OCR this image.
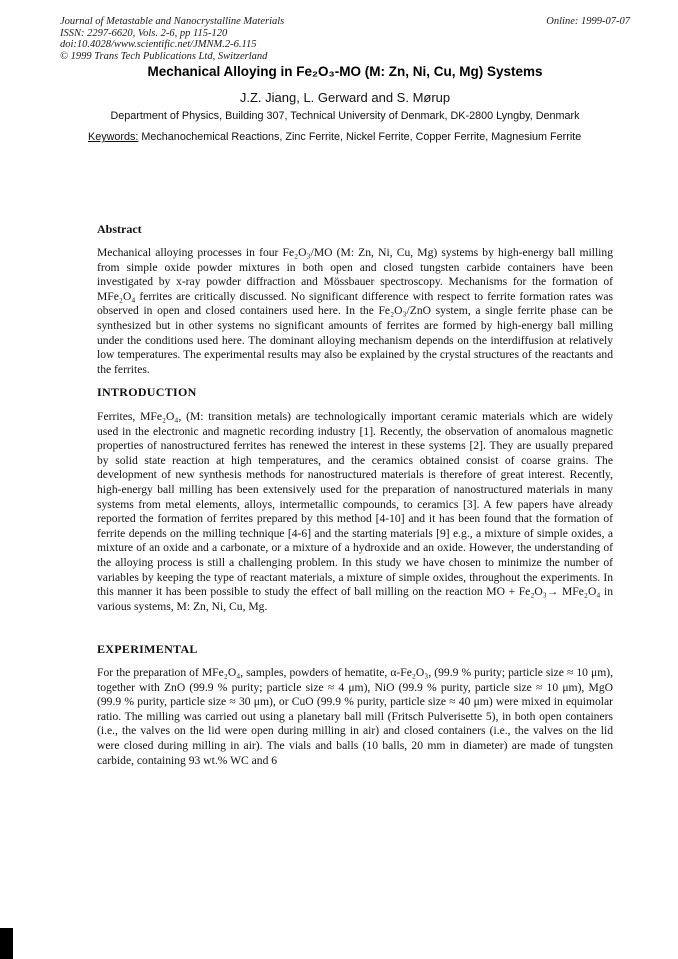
Journal of Metastable and Nanocrystalline Materials	Online: 1999-07-07
ISSN: 2297-6620, Vols. 2-6, pp 115-120
doi:10.4028/www.scientific.net/JMNM.2-6.115
© 1999 Trans Tech Publications Ltd, Switzerland
Mechanical Alloying in Fe₂O₃-MO (M: Zn, Ni, Cu, Mg) Systems
J.Z. Jiang, L. Gerward and S. Mørup
Department of Physics, Building 307, Technical University of Denmark, DK-2800 Lyngby, Denmark
Keywords: Mechanochemical Reactions, Zinc Ferrite, Nickel Ferrite, Copper Ferrite, Magnesium Ferrite
Abstract
Mechanical alloying processes in four Fe₂O₃/MO (M: Zn, Ni, Cu, Mg) systems by high-energy ball milling from simple oxide powder mixtures in both open and closed tungsten carbide containers have been investigated by x-ray powder diffraction and Mössbauer spectroscopy. Mechanisms for the formation of MFe₂O₄ ferrites are critically discussed. No significant difference with respect to ferrite formation rates was observed in open and closed containers used here. In the Fe₂O₃/ZnO system, a single ferrite phase can be synthesized but in other systems no significant amounts of ferrites are formed by high-energy ball milling under the conditions used here. The dominant alloying mechanism depends on the interdiffusion at relatively low temperatures. The experimental results may also be explained by the crystal structures of the reactants and the ferrites.
INTRODUCTION
Ferrites, MFe₂O₄, (M: transition metals) are technologically important ceramic materials which are widely used in the electronic and magnetic recording industry [1]. Recently, the observation of anomalous magnetic properties of nanostructured ferrites has renewed the interest in these systems [2]. They are usually prepared by solid state reaction at high temperatures, and the ceramics obtained consist of coarse grains. The development of new synthesis methods for nanostructured materials is therefore of great interest. Recently, high-energy ball milling has been extensively used for the preparation of nanostructured materials in many systems from metal elements, alloys, intermetallic compounds, to ceramics [3]. A few papers have already reported the formation of ferrites prepared by this method [4-10] and it has been found that the formation of ferrite depends on the milling technique [4-6] and the starting materials [9] e.g., a mixture of simple oxides, a mixture of an oxide and a carbonate, or a mixture of a hydroxide and an oxide. However, the understanding of the alloying process is still a challenging problem. In this study we have chosen to minimize the number of variables by keeping the type of reactant materials, a mixture of simple oxides, throughout the experiments. In this manner it has been possible to study the effect of ball milling on the reaction MO + Fe₂O₃→ MFe₂O₄ in various systems, M: Zn, Ni, Cu, Mg.
EXPERIMENTAL
For the preparation of MFe₂O₄, samples, powders of hematite, α-Fe₂O₃, (99.9 % purity; particle size ≈ 10 μm), together with ZnO (99.9 % purity; particle size ≈ 4 μm), NiO (99.9 % purity, particle size ≈ 10 μm), MgO (99.9 % purity, particle size ≈ 30 μm), or CuO (99.9 % purity, particle size ≈ 40 μm) were mixed in equimolar ratio. The milling was carried out using a planetary ball mill (Fritsch Pulverisette 5), in both open containers (i.e., the valves on the lid were open during milling in air) and closed containers (i.e., the valves on the lid were closed during milling in air). The vials and balls (10 balls, 20 mm in diameter) are made of tungsten carbide, containing 93 wt.% WC and 6
